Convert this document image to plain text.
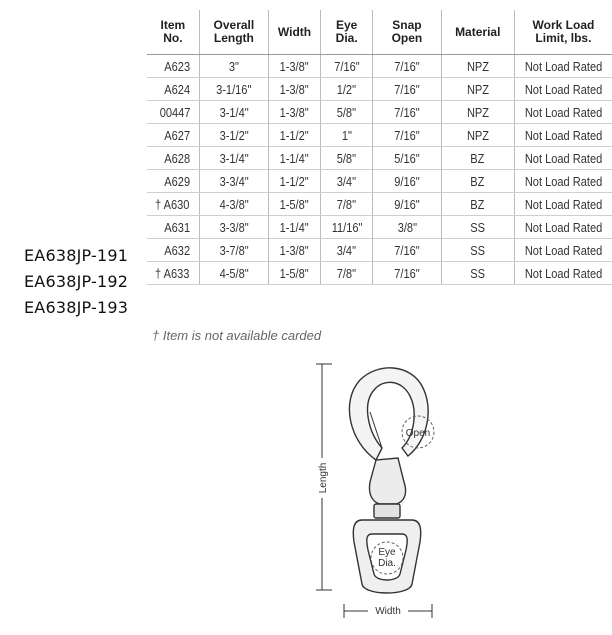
EA638JP-191
EA638JP-192
EA638JP-193
Item No.	Overall Length	Width	Eye Dia.	Snap Open	Material	Work Load Limit, lbs.
A623	3"	1-3/8"	7/16"	7/16"	NPZ	Not Load Rated
A624	3-1/16"	1-3/8"	1/2"	7/16"	NPZ	Not Load Rated
00447	3-1/4"	1-3/8"	5/8"	7/16"	NPZ	Not Load Rated
A627	3-1/2"	1-1/2"	1"	7/16"	NPZ	Not Load Rated
A628	3-1/4"	1-1/4"	5/8"	5/16"	BZ	Not Load Rated
A629	3-3/4"	1-1/2"	3/4"	9/16"	BZ	Not Load Rated
† A630	4-3/8"	1-5/8"	7/8"	9/16"	BZ	Not Load Rated
A631	3-3/8"	1-1/4"	11/16"	3/8"	SS	Not Load Rated
A632	3-7/8"	1-3/8"	3/4"	7/16"	SS	Not Load Rated
† A633	4-5/8"	1-5/8"	7/8"	7/16"	SS	Not Load Rated
† Item is not available carded
Length
Open
Eye
Dia.
Width
